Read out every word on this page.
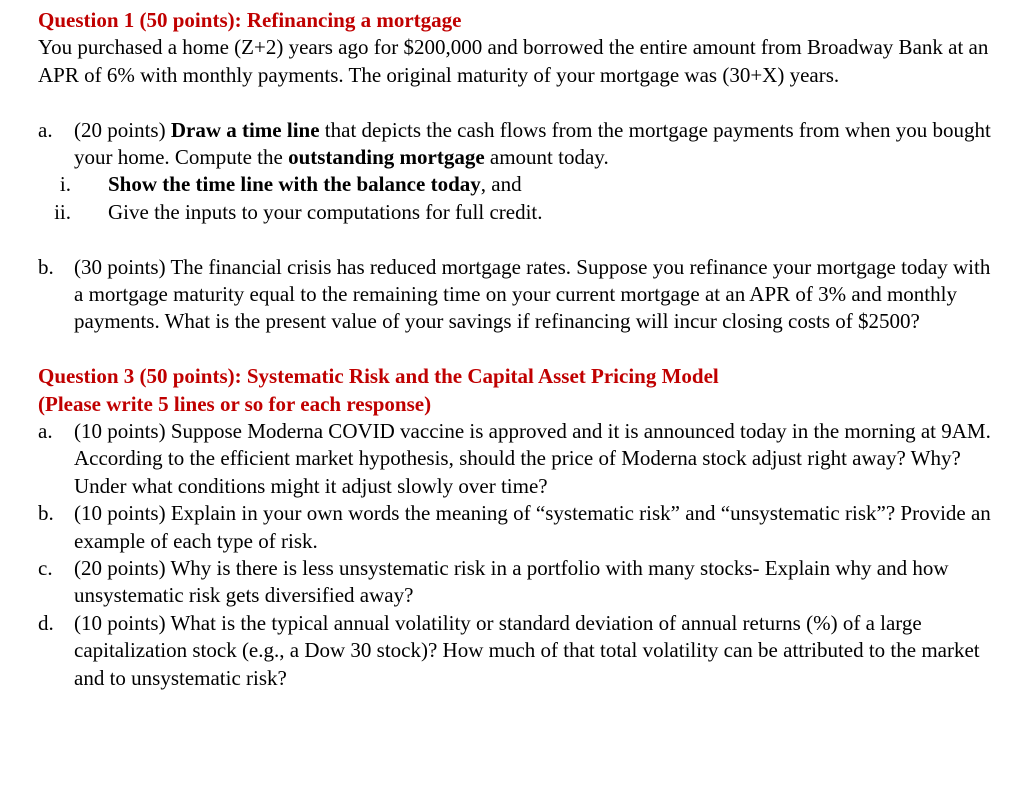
Question 1 (50 points): Refinancing a mortgage
You purchased a home (Z+2) years ago for $200,000 and borrowed the entire amount from Broadway Bank at an APR of 6% with monthly payments. The original maturity of your mortgage was (30+X) years.
a.	(20 points) Draw a time line that depicts the cash flows from the mortgage payments from when you bought your home. Compute the outstanding mortgage amount today.
i.	Show the time line with the balance today, and
ii.	Give the inputs to your computations for full credit.
b. (30 points) The financial crisis has reduced mortgage rates. Suppose you refinance your mortgage today with a mortgage maturity equal to the remaining time on your current mortgage at an APR of 3% and monthly payments. What is the present value of your savings if refinancing will incur closing costs of $2500?
Question 3 (50 points): Systematic Risk and the Capital Asset Pricing Model
(Please write 5 lines or so for each response)
a.	(10 points) Suppose Moderna COVID vaccine is approved and it is announced today in the morning at 9AM. According to the efficient market hypothesis, should the price of Moderna stock adjust right away? Why? Under what conditions might it adjust slowly over time?
b. (10 points) Explain in your own words the meaning of “systematic risk” and “unsystematic risk”? Provide an example of each type of risk.
c.	(20 points) Why is there is less unsystematic risk in a portfolio with many stocks- Explain why and how unsystematic risk gets diversified away?
d. (10 points) What is the typical annual volatility or standard deviation of annual returns (%) of a large capitalization stock (e.g., a Dow 30 stock)? How much of that total volatility can be attributed to the market and to unsystematic risk?
